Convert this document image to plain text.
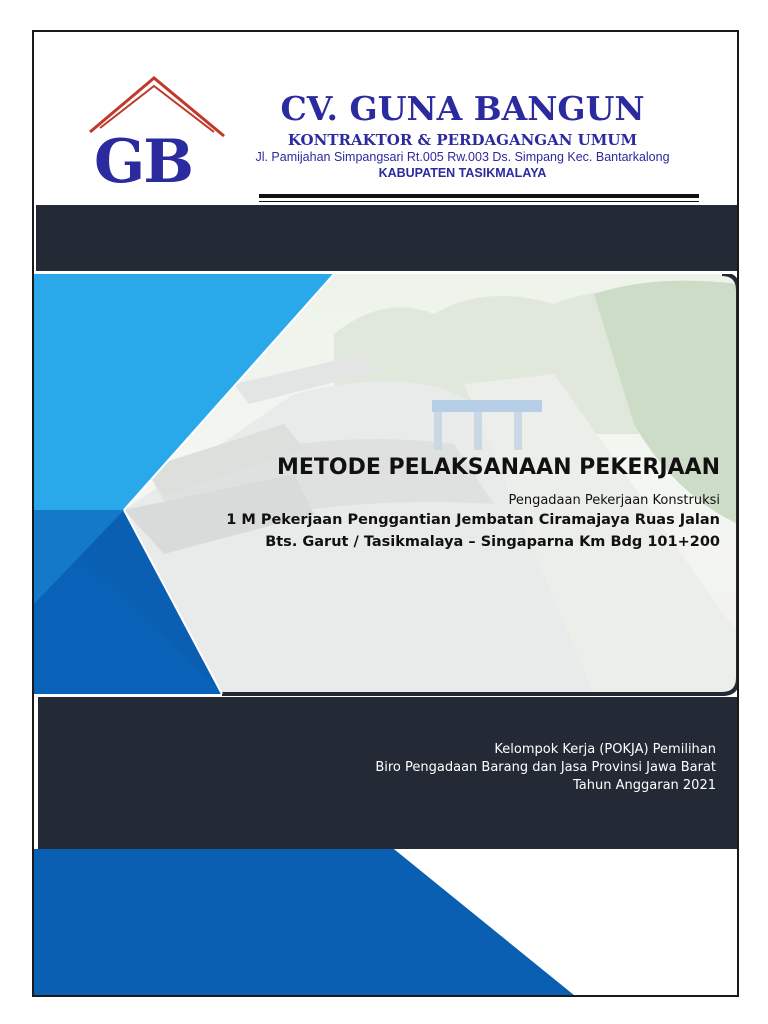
GB
CV. GUNA BANGUN
KONTRAKTOR & PERDAGANGAN UMUM
Jl. Pamijahan Simpangsari Rt.005 Rw.003 Ds. Simpang Kec. Bantarkalong
KABUPATEN TASIKMALAYA
METODE PELAKSANAAN PEKERJAAN
Pengadaan Pekerjaan Konstruksi
1 M Pekerjaan Penggantian Jembatan Ciramajaya Ruas Jalan
Bts. Garut / Tasikmalaya – Singaparna Km Bdg 101+200
Kelompok Kerja (POKJA) Pemilihan
Biro Pengadaan Barang dan Jasa Provinsi Jawa Barat
Tahun Anggaran 2021
